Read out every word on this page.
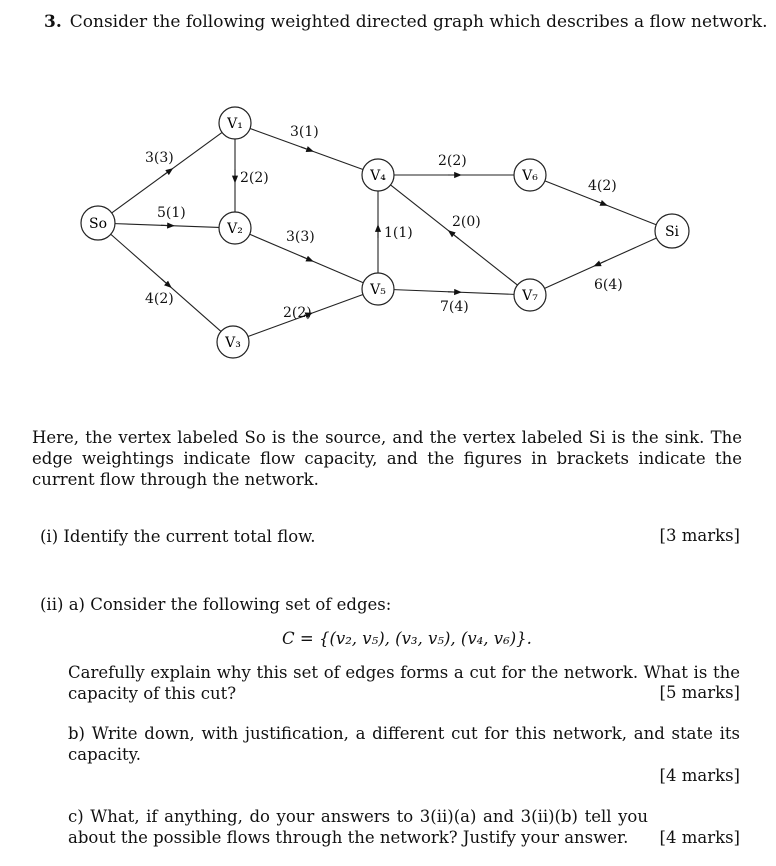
3. Consider the following weighted directed graph which describes a flow network.
3(3)
5(1)
4(2)
3(1)
2(2)
3(3)
2(2)
1(1)
2(2)
2(0)
7(4)
4(2)
6(4)
So
V₁
V₂
V₃
V₄
V₅
V₆
V₇
Si
Here, the vertex labeled So is the source, and the vertex labeled Si is the sink. The edge weightings indicate flow capacity, and the figures in brackets indicate the current flow through the network.
(i) Identify the current total flow.	[3 marks]
(ii) a) Consider the following set of edges:
C = {(v₂, v₅), (v₃, v₅), (v₄, v₆)}.
Carefully explain why this set of edges forms a cut for the network. What is the capacity of this cut?	[5 marks]
b) Write down, with justification, a different cut for this network, and state its capacity.
[4 marks]
c) What, if anything, do your answers to 3(ii)(a) and 3(ii)(b) tell you about the possible flows through the network? Justify your answer.	[4 marks]
